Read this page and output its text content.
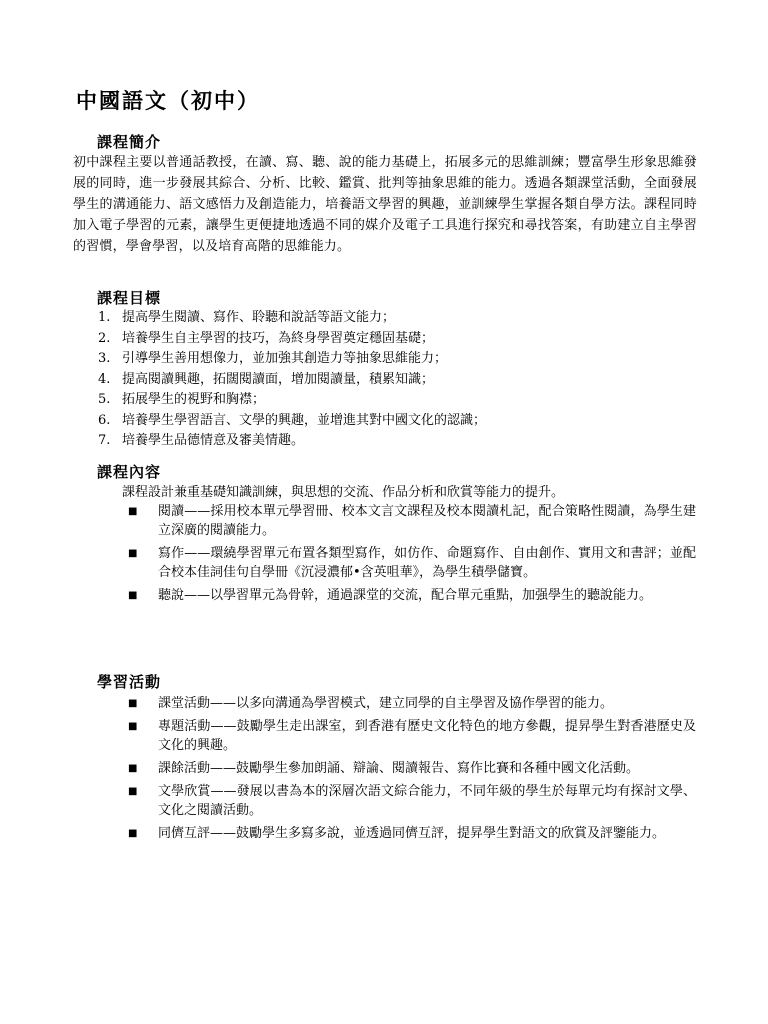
中國語文（初中）
課程簡介

初中課程主要以普通話教授，在讀、寫、聽、說的能力基礎上，拓展多元的思維訓練；豐富學生形象思維發展的同時，進一步發展其綜合、分析、比較、鑑賞、批判等抽象思維的能力。透過各類課堂活動，全面發展學生的溝通能力、語文感悟力及創造能力，培養語文學習的興趣，並訓練學生掌握各類自學方法。課程同時加入電子學習的元素，讓學生更便捷地透過不同的媒介及電子工具進行探究和尋找答案，有助建立自主學習的習慣，學會學習，以及培育高階的思維能力。

課程目標
1. 提高學生閱讀、寫作、聆聽和說話等語文能力；
2. 培養學生自主學習的技巧，為終身學習奠定穩固基礎；
3. 引導學生善用想像力，並加強其創造力等抽象思維能力；
4. 提高閱讀興趣，拓闊閱讀面，增加閱讀量，積累知識；
5. 拓展學生的視野和胸襟；
6. 培養學生學習語言、文學的興趣，並增進其對中國文化的認識；
7. 培養學生品德情意及審美情趣。
課程內容

課程設計兼重基礎知識訓練，與思想的交流、作品分析和欣賞等能力的提升。

■	閱讀——採用校本單元學習冊、校本文言文課程及校本閱讀札記，配合策略性閱讀，為學生建立深廣的閱讀能力。
■	寫作——環繞學習單元布置各類型寫作，如仿作、命題寫作、自由創作、實用文和書評；並配合校本佳詞佳句自學冊《沉浸濃郁•含英咀華》，為學生積學儲寶。
■	聽說——以學習單元為骨幹，通過課堂的交流，配合單元重點，加强學生的聽說能力。
學習活動
■	課堂活動——以多向溝通為學習模式，建立同學的自主學習及協作學習的能力。
■	專題活動——鼓勵學生走出課室，到香港有歷史文化特色的地方參觀，提昇學生對香港歷史及文化的興趣。
■	課餘活動——鼓勵學生參加朗誦、辯論、閱讀報告、寫作比賽和各種中國文化活動。
■	文學欣賞——發展以書為本的深層次語文綜合能力，不同年級的學生於每單元均有探討文學、文化之閱讀活動。
■	同儕互評——鼓勵學生多寫多說，並透過同儕互評，提昇學生對語文的欣賞及評鑒能力。
